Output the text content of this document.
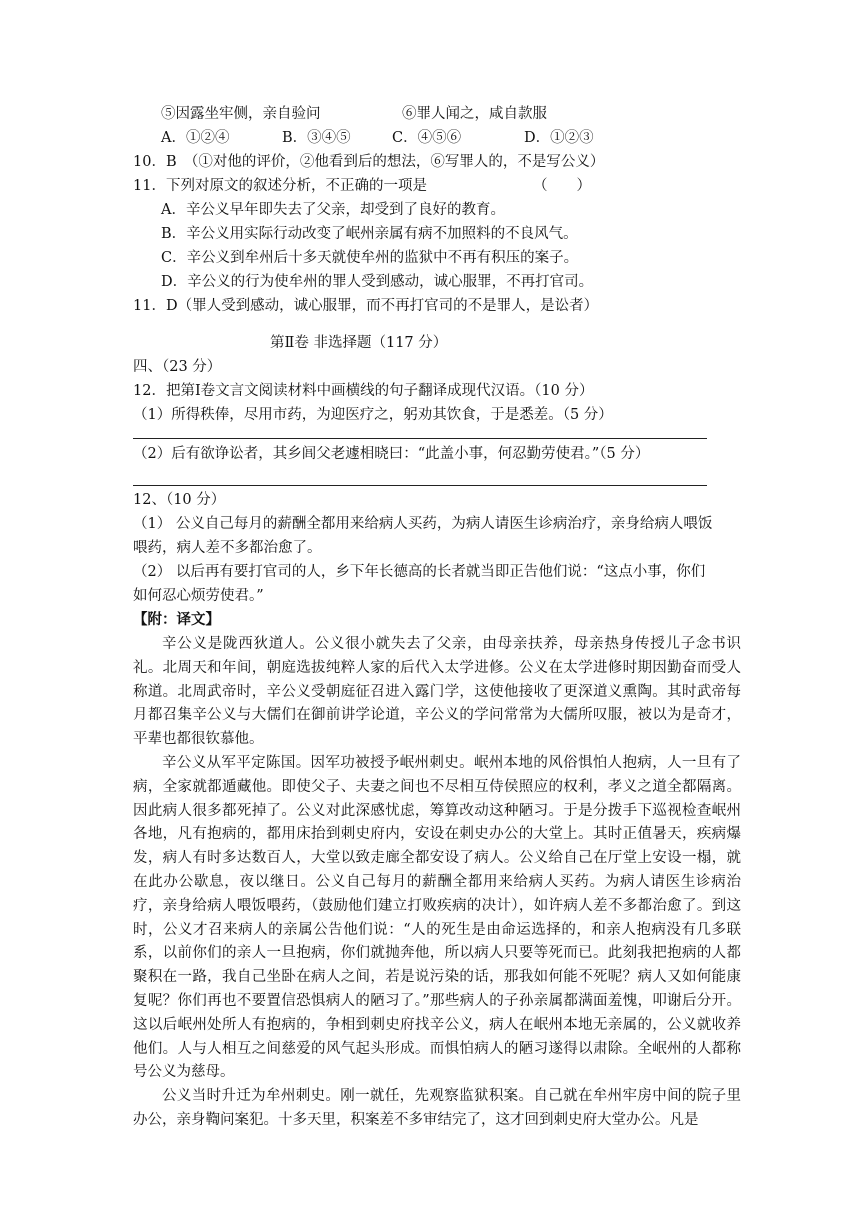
⑤因露坐牢侧，亲自验问	⑥罪人闻之，咸自款服
A．①②④	B．③④⑤	C．④⑤⑥	D．①②③
10．B　（①对他的评价，②他看到后的想法，⑥写罪人的，不是写公义）
11．下列对原文的叙述分析，不正确的一项是	（　　）
A．辛公义早年即失去了父亲，却受到了良好的教育。
B．辛公义用实际行动改变了岷州亲属有病不加照料的不良风气。
C．辛公义到牟州后十多天就使牟州的监狱中不再有积压的案子。
D．辛公义的行为使牟州的罪人受到感动，诚心服罪，不再打官司。
11．D（罪人受到感动，诚心服罪，而不再打官司的不是罪人，是讼者）
第Ⅱ卷 非选择题（117 分）
四、（23 分）
12．把第Ⅰ卷文言文阅读材料中画横线的句子翻译成现代汉语。（10 分）
（1）所得秩俸，尽用市药，为迎医疗之，躬劝其饮食，于是悉差。（5 分）
（2）后有欲诤讼者，其乡闾父老遽相晓曰：“此盖小事，何忍勤劳使君。”（5 分）
12、（10 分）
（1） 公义自己每月的薪酬全都用来给病人买药，为病人请医生诊病治疗，亲身给病人喂饭
喂药，病人差不多都治愈了。
（2） 以后再有要打官司的人，乡下年长德高的长者就当即正告他们说：“这点小事，你们
如何忍心烦劳使君。”
【附：译文】

辛公义是陇西狄道人。公义很小就失去了父亲，由母亲扶养，母亲热身传授儿子念书识礼。北周天和年间，朝庭选拔纯粹人家的后代入太学进修。公义在太学进修时期因勤奋而受人称道。北周武帝时，辛公义受朝庭征召进入露门学，这使他接收了更深道义熏陶。其时武帝每月都召集辛公义与大儒们在御前讲学论道，辛公义的学问常常为大儒所叹服，被以为是奇才，平辈也都很钦慕他。

辛公义从军平定陈国。因军功被授予岷州刺史。岷州本地的风俗惧怕人抱病，人一旦有了病，全家就都遁藏他。即使父子、夫妻之间也不尽相互侍侯照应的权利，孝义之道全都隔离。因此病人很多都死掉了。公义对此深感忧虑，筹算改动这种陋习。于是分拨手下巡视检查岷州各地，凡有抱病的，都用床抬到刺史府内，安设在刺史办公的大堂上。其时正值暑天，疾病爆发，病人有时多达数百人，大堂以致走廊全都安设了病人。公义给自己在厅堂上安设一榻，就在此办公歇息，夜以继日。公义自己每月的薪酬全都用来给病人买药。为病人请医生诊病治疗，亲身给病人喂饭喂药，（鼓励他们建立打败疾病的决计），如许病人差不多都治愈了。到这时，公义才召来病人的亲属公告他们说：“人的死生是由命运选择的，和亲人抱病没有几多联系，以前你们的亲人一旦抱病，你们就抛奔他，所以病人只要等死而已。此刻我把抱病的人都聚积在一路，我自己坐卧在病人之间，若是说污染的话，那我如何能不死呢？病人又如何能康复呢？你们再也不要置信恐惧病人的陋习了。”那些病人的子孙亲属都满面羞愧，叩谢后分开。这以后岷州处所人有抱病的，争相到刺史府找辛公义，病人在岷州本地无亲属的，公义就收养他们。人与人相互之间慈爱的风气起头形成。而惧怕病人的陋习遂得以肃除。全岷州的人都称号公义为慈母。

公义当时升迁为牟州刺史。刚一就任，先观察监狱积案。自己就在牟州牢房中间的院子里办公，亲身鞫问案犯。十多天里，积案差不多审结完了，这才回到刺史府大堂办公。凡是
